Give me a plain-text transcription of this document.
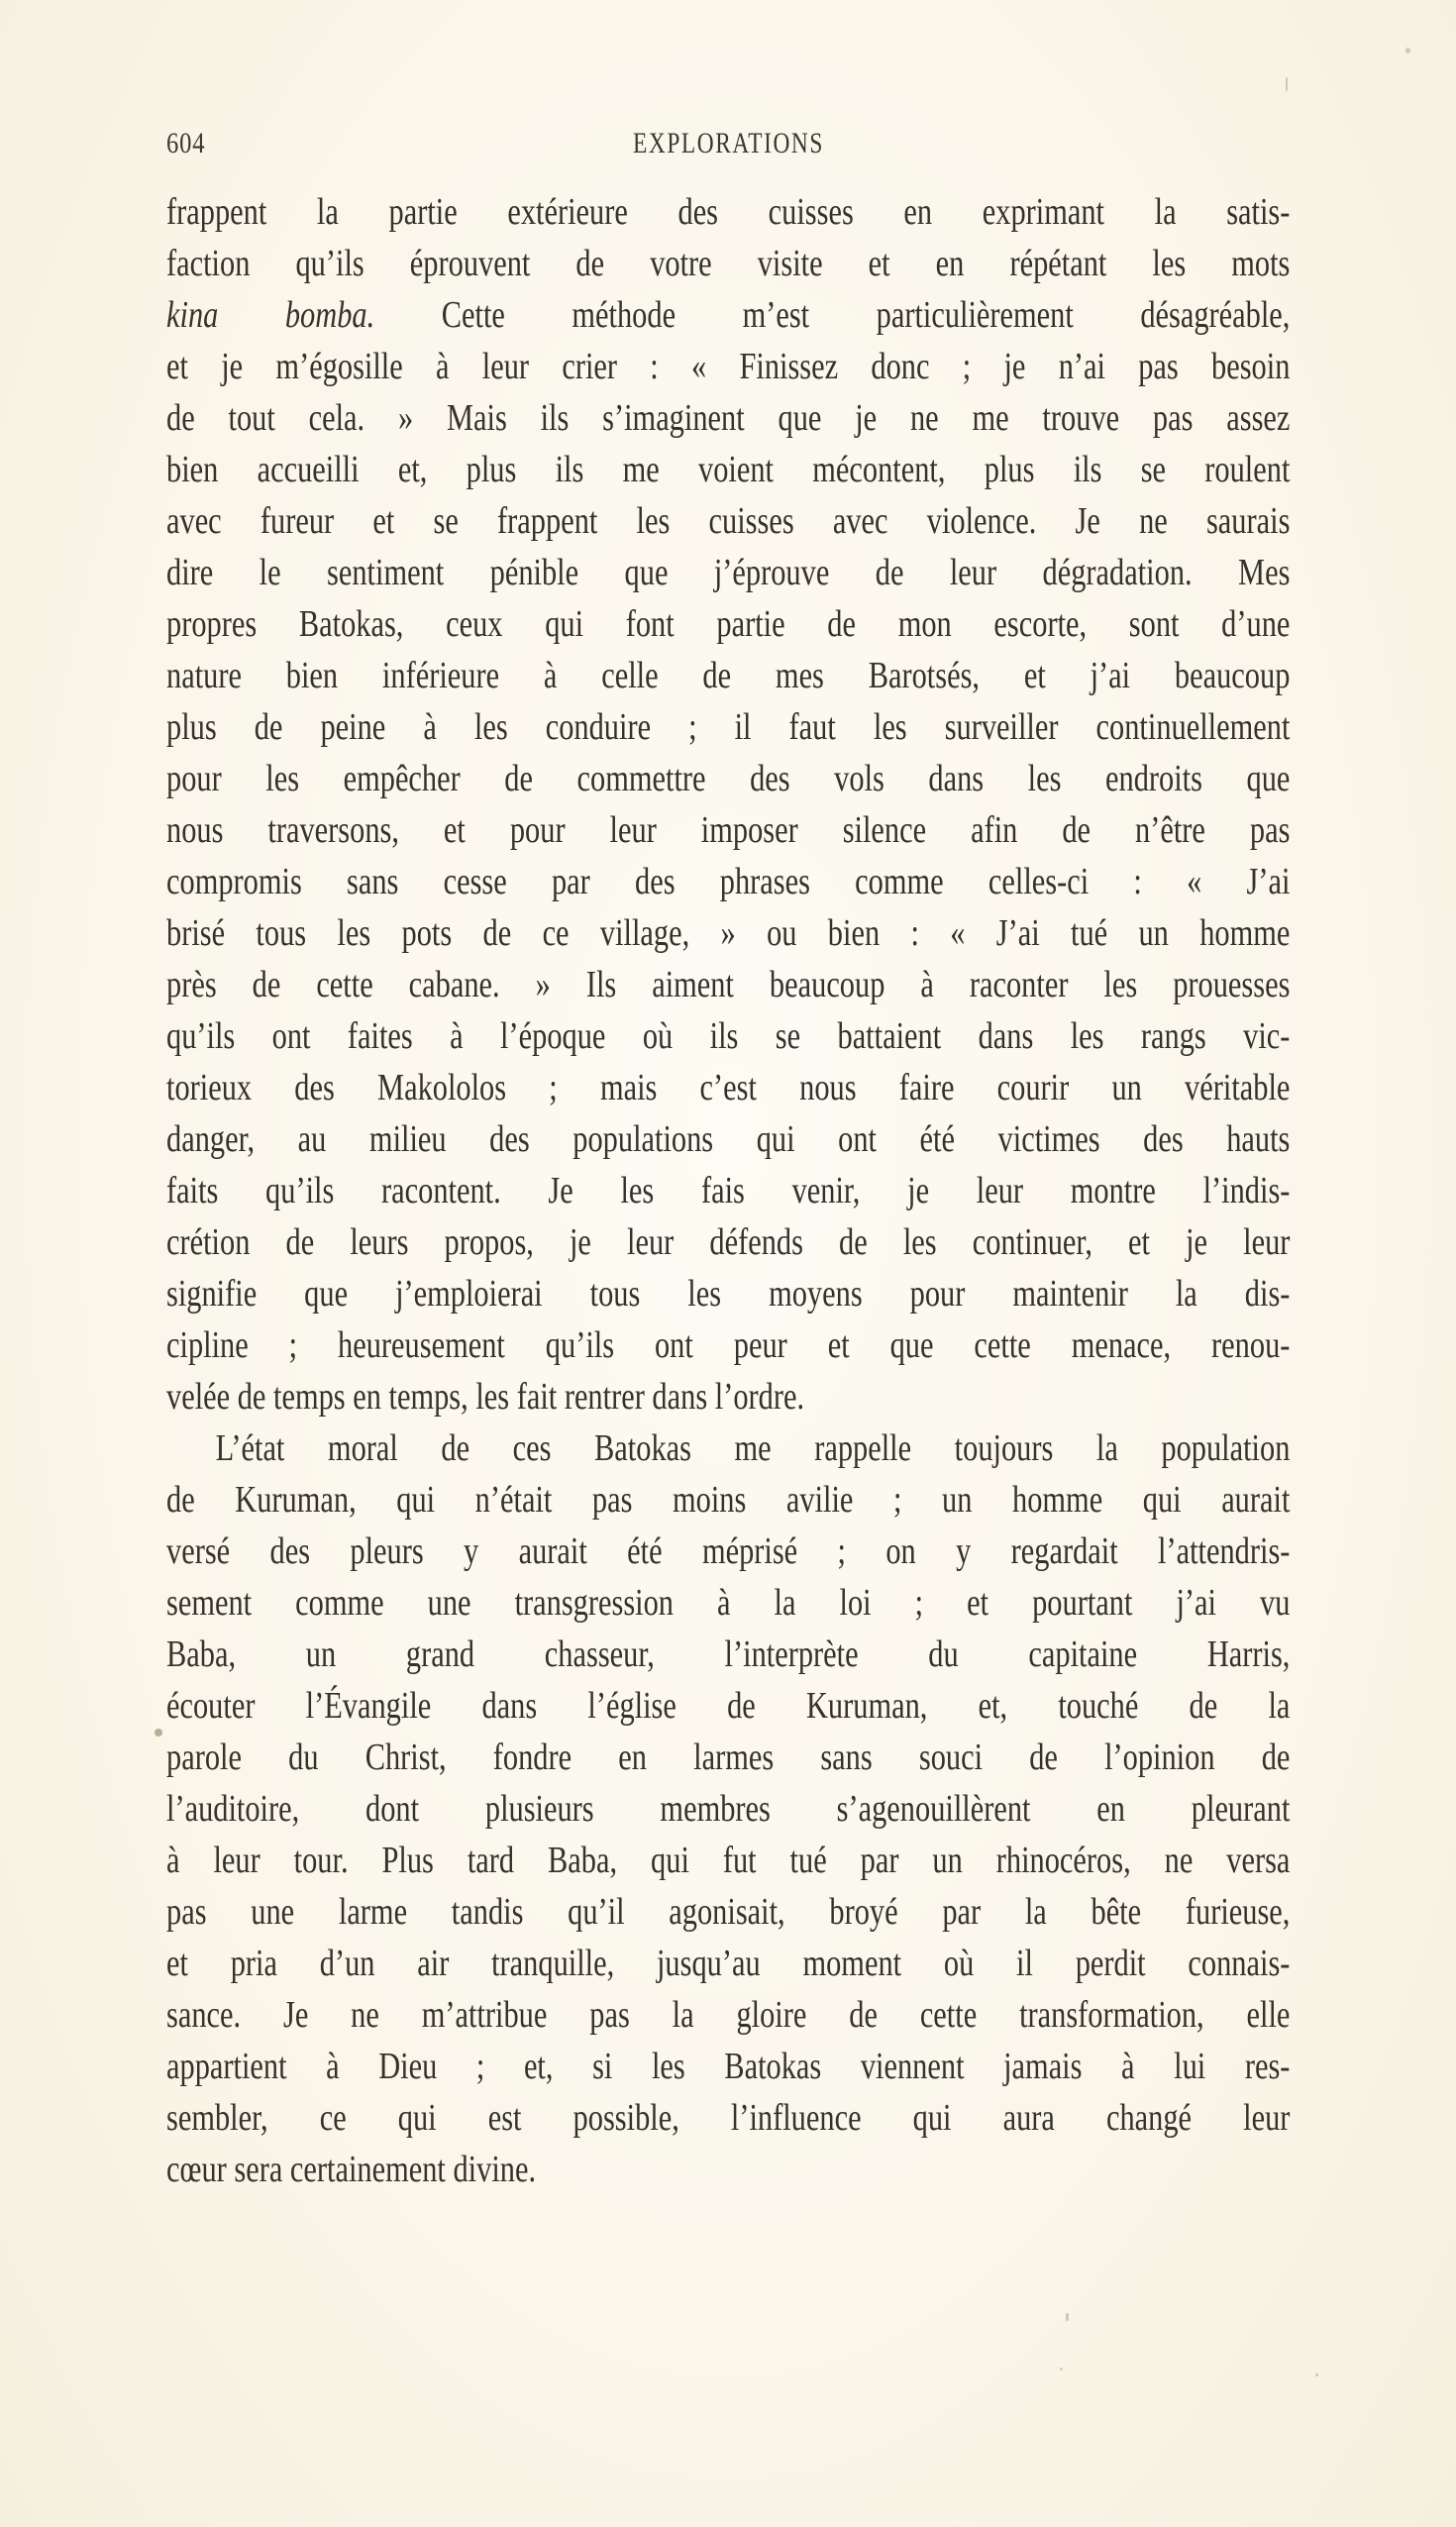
604	EXPLORATIONS
frappent la partie extérieure des cuisses en exprimant la satis-
faction qu’ils éprouvent de votre visite et en répétant les mots
kina bomba. Cette méthode m’est particulièrement désagréable,
et je m’égosille à leur crier : « Finissez donc ; je n’ai pas besoin
de tout cela. » Mais ils s’imaginent que je ne me trouve pas assez
bien accueilli et, plus ils me voient mécontent, plus ils se roulent
avec fureur et se frappent les cuisses avec violence. Je ne saurais
dire le sentiment pénible que j’éprouve de leur dégradation. Mes
propres Batokas, ceux qui font partie de mon escorte, sont d’une
nature bien inférieure à celle de mes Barotsés, et j’ai beaucoup
plus de peine à les conduire ; il faut les surveiller continuellement
pour les empêcher de commettre des vols dans les endroits que
nous traversons, et pour leur imposer silence afin de n’être pas
compromis sans cesse par des phrases comme celles-ci : « J’ai
brisé tous les pots de ce village, » ou bien : « J’ai tué un homme
près de cette cabane. » Ils aiment beaucoup à raconter les prouesses
qu’ils ont faites à l’époque où ils se battaient dans les rangs vic-
torieux des Makololos ; mais c’est nous faire courir un véritable
danger, au milieu des populations qui ont été victimes des hauts
faits qu’ils racontent. Je les fais venir, je leur montre l’indis-
crétion de leurs propos, je leur défends de les continuer, et je leur
signifie que j’emploierai tous les moyens pour maintenir la dis-
cipline ; heureusement qu’ils ont peur et que cette menace, renou-
velée de temps en temps, les fait rentrer dans l’ordre.
L’état moral de ces Batokas me rappelle toujours la population
de Kuruman, qui n’était pas moins avilie ; un homme qui aurait
versé des pleurs y aurait été méprisé ; on y regardait l’attendris-
sement comme une transgression à la loi ; et pourtant j’ai vu
Baba, un grand chasseur, l’interprète du capitaine Harris,
écouter l’Évangile dans l’église de Kuruman, et, touché de la
parole du Christ, fondre en larmes sans souci de l’opinion de
l’auditoire, dont plusieurs membres s’agenouillèrent en pleurant
à leur tour. Plus tard Baba, qui fut tué par un rhinocéros, ne versa
pas une larme tandis qu’il agonisait, broyé par la bête furieuse,
et pria d’un air tranquille, jusqu’au moment où il perdit connais-
sance. Je ne m’attribue pas la gloire de cette transformation, elle
appartient à Dieu ; et, si les Batokas viennent jamais à lui res-
sembler, ce qui est possible, l’influence qui aura changé leur
cœur sera certainement divine.
